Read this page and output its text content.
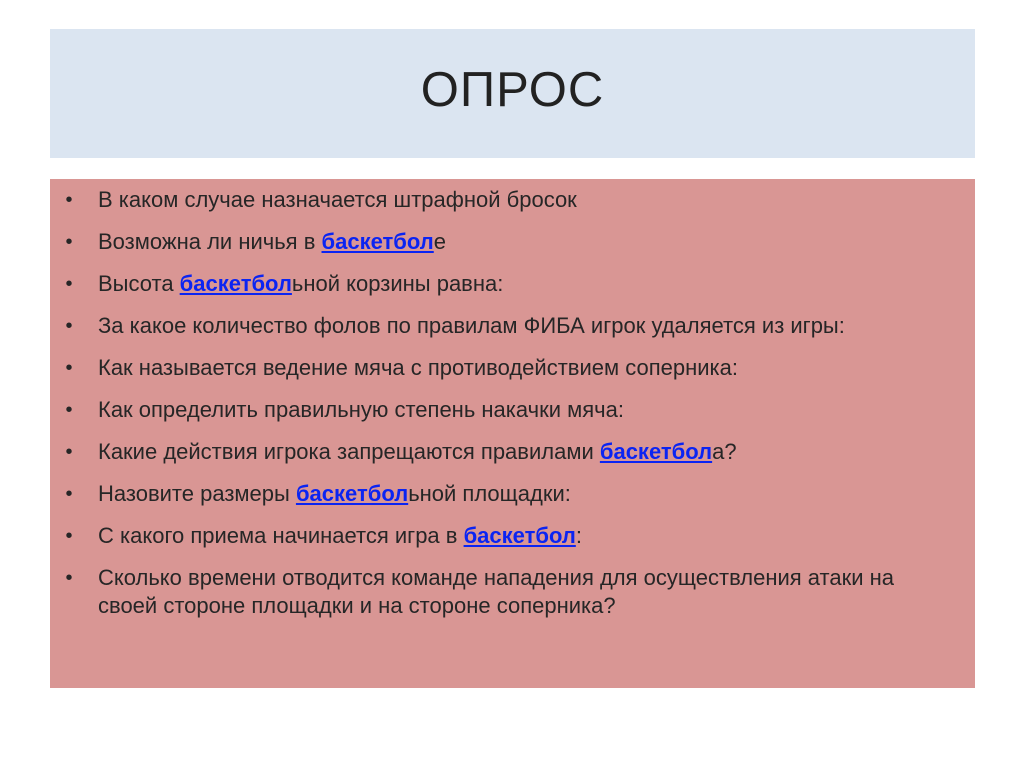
ОПРОС
• В каком случае назначается штрафной бросок
• Возможна ли ничья в баскетболе
• Высота баскетбольной корзины равна:
• За какое количество фолов по правилам ФИБА игрок удаляется из игры:
• Как называется ведение мяча с противодействием соперника:
• Как определить правильную степень накачки мяча:
• Какие действия игрока запрещаются правилами баскетбола?
• Назовите размеры баскетбольной площадки:
• С какого приема начинается игра в баскетбол:
• Сколько времени отводится команде нападения для осуществления атаки на своей стороне площадки и на стороне соперника?
